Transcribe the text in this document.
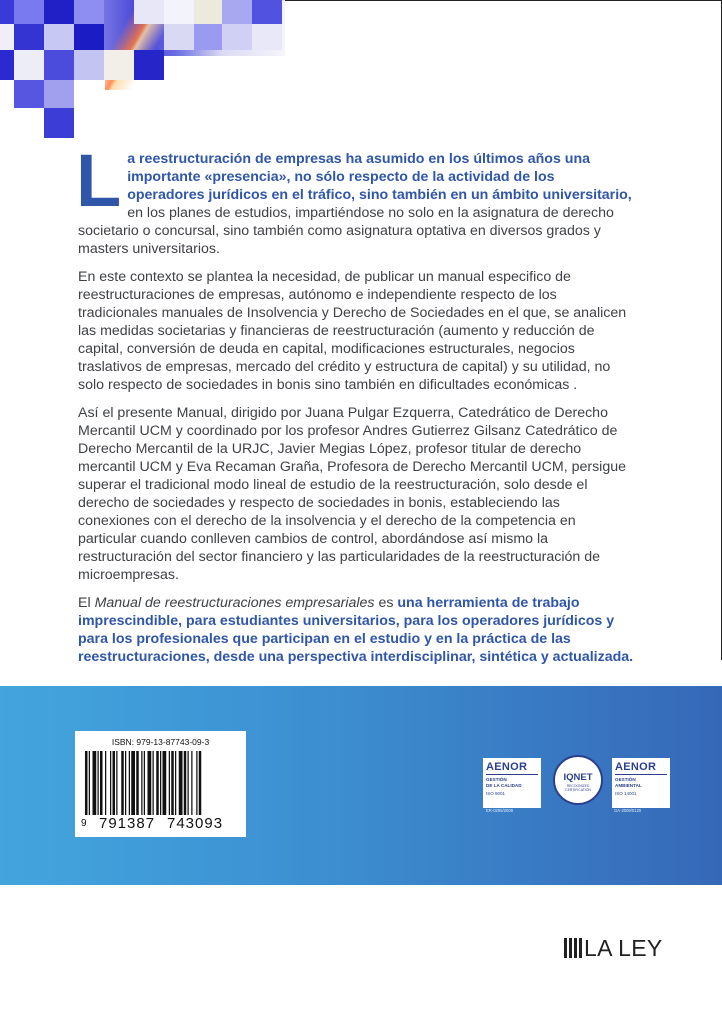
La reestructuración de empresas ha asumido en los últimos años una importante «presencia», no sólo respecto de la actividad de los operadores jurídicos en el tráfico, sino también en un ámbito universitario, en los planes de estudios, impartiéndose no solo en la asignatura de derecho societario o concursal, sino también como asignatura optativa en diversos grados y masters universitarios.

En este contexto se plantea la necesidad, de publicar un manual especifico de reestructuraciones de empresas, autónomo e independiente respecto de los tradicionales manuales de Insolvencia y Derecho de Sociedades en el que, se analicen las medidas societarias y financieras de reestructuración (aumento y reducción de capital, conversión de deuda en capital, modificaciones estructurales, negocios traslativos de empresas, mercado del crédito y estructura de capital) y su utilidad, no solo respecto de sociedades in bonis sino también en dificultades económicas .

Así el presente Manual, dirigido por Juana Pulgar Ezquerra, Catedrático de Derecho Mercantil UCM y coordinado por los profesor Andres Gutierrez Gilsanz Catedrático de Derecho Mercantil de la URJC, Javier Megias López, profesor titular de derecho mercantil UCM y Eva Recaman Graña, Profesora de Derecho Mercantil UCM, persigue superar el tradicional modo lineal de estudio de la reestructuración, solo desde el derecho de sociedades y respecto de sociedades in bonis, estableciendo las conexiones con el derecho de la insolvencia y el derecho de la competencia en particular cuando conlleven cambios de control, abordándose así mismo la restructuración del sector financiero y las particularidades de la reestructuración de microempresas.

El Manual de reestructuraciones empresariales es una herramienta de trabajo imprescindible, para estudiantes universitarios, para los operadores jurídicos y para los profesionales que participan en el estudio y en la práctica de las reestructuraciones, desde una perspectiva interdisciplinar, sintética y actualizada.

ISBN: 979-13-87743-09-3
9 791387 743093
AENOR
GESTIÓN
DE LA CALIDAD
ISO 9001
ER-0295/2009
IQNET
RECOGNIZED
CERTIFICATION
AENOR
GESTIÓN
AMBIENTAL
ISO 14001
GA-2009/0120
LA LEY
